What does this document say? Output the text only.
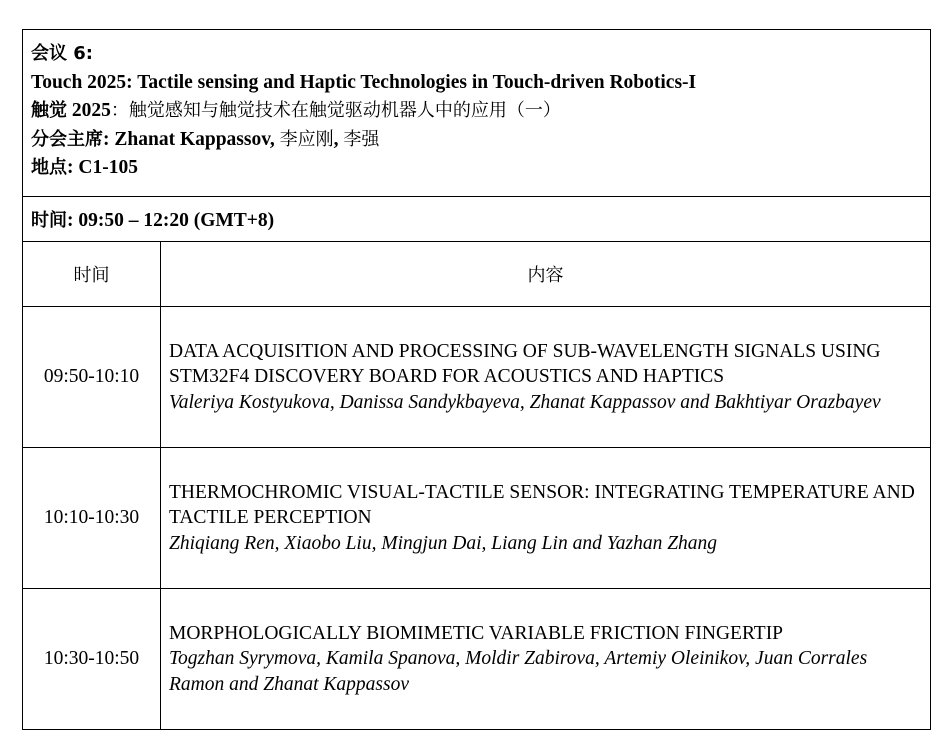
会议 6:
Touch 2025: Tactile sensing and Haptic Technologies in Touch-driven Robotics-I
触觉 2025：触觉感知与触觉技术在触觉驱动机器人中的应用（一）
分会主席: Zhanat Kappassov, 李应刚, 李强
地点: C1-105	

时间: 09:50 – 12:20 (GMT+8)	
时间	内容
09:50-10:10	DATA ACQUISITION AND PROCESSING OF SUB-WAVELENGTH SIGNALS USING STM32F4 DISCOVERY BOARD FOR ACOUSTICS AND HAPTICS
Valeriya Kostyukova, Danissa Sandykbayeva, Zhanat Kappassov and Bakhtiyar Orazbayev

10:10-10:30	THERMOCHROMIC VISUAL-TACTILE SENSOR: INTEGRATING TEMPERATURE AND TACTILE PERCEPTION
Zhiqiang Ren, Xiaobo Liu, Mingjun Dai, Liang Lin and Yazhan Zhang

10:30-10:50	MORPHOLOGICALLY BIOMIMETIC VARIABLE FRICTION FINGERTIP
Togzhan Syrymova, Kamila Spanova, Moldir Zabirova, Artemiy Oleinikov, Juan Corrales Ramon and Zhanat Kappassov
